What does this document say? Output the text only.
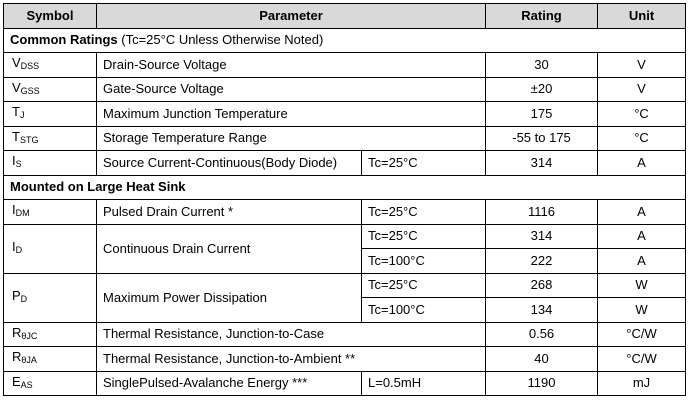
Symbol	Parameter		Rating	Unit
Common Ratings (Tc=25°C Unless Otherwise Noted)				
$V_{DSS}$	Drain-Source Voltage		30	V
$V_{GSS}$	Gate-Source Voltage		±20	V
$T_J$	Maximum Junction Temperature		175	°C
$T_{STG}$	Storage Temperature Range		-55 to 175	°C
$I_S$	Source Current-Continuous(Body Diode)	Tc=25°C	314	A
Mounted on Large Heat Sink				
$I_{DM}$	Pulsed Drain Current *	Tc=25°C	1116	A
$I_D$	Continuous Drain Current	Tc=25°C	314	A
		Tc=100°C	222	A
$P_D$	Maximum Power Dissipation	Tc=25°C	268	W
		Tc=100°C	134	W
$R_{\theta JC}$	Thermal Resistance, Junction-to-Case		0.56	°C/W
$R_{\theta JA}$	Thermal Resistance, Junction-to-Ambient **		40	°C/W
$E_{AS}$	SinglePulsed-Avalanche Energy ***	L=0.5mH	1190	mJ
